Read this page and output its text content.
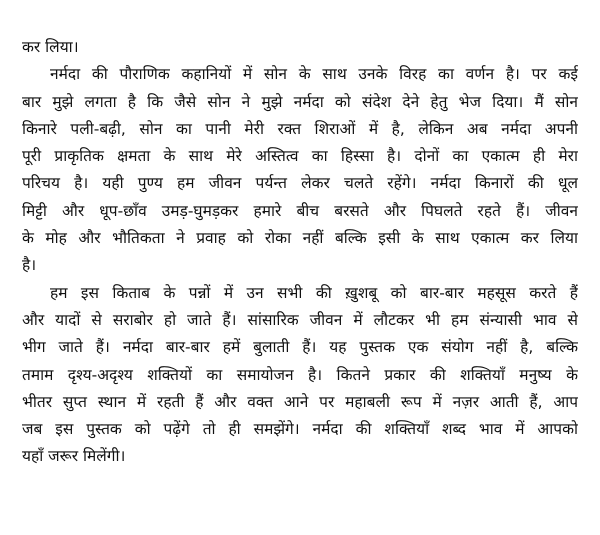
कर लिया।
नर्मदा की पौराणिक कहानियों में सोन के साथ उनके विरह का वर्णन है। पर कई
बार मुझे लगता है कि जैसे सोन ने मुझे नर्मदा को संदेश देने हेतु भेज दिया। मैं सोन
किनारे पली-बढ़ी, सोन का पानी मेरी रक्त शिराओं में है, लेकिन अब नर्मदा अपनी
पूरी प्राकृतिक क्षमता के साथ मेरे अस्तित्व का हिस्सा है। दोनों का एकात्म ही मेरा
परिचय है। यही पुण्य हम जीवन पर्यन्त लेकर चलते रहेंगे। नर्मदा किनारों की धूल
मिट्टी और धूप-छाँव उमड़-घुमड़कर हमारे बीच बरसते और पिघलते रहते हैं। जीवन
के मोह और भौतिकता ने प्रवाह को रोका नहीं बल्कि इसी के साथ एकात्म कर लिया
है।
हम इस किताब के पन्नों में उन सभी की ख़ुशबू को बार-बार महसूस करते हैं
और यादों से सराबोर हो जाते हैं। सांसारिक जीवन में लौटकर भी हम संन्यासी भाव से
भीग जाते हैं। नर्मदा बार-बार हमें बुलाती हैं। यह पुस्तक एक संयोग नहीं है, बल्कि
तमाम दृश्य-अदृश्य शक्तियों का समायोजन है। कितने प्रकार की शक्तियाँ मनुष्य के
भीतर सुप्त स्थान में रहती हैं और वक्त आने पर महाबली रूप में नज़र आती हैं, आप
जब इस पुस्तक को पढ़ेंगे तो ही समझेंगे। नर्मदा की शक्तियाँ शब्द भाव में आपको
यहाँ जरूर मिलेंगी।
